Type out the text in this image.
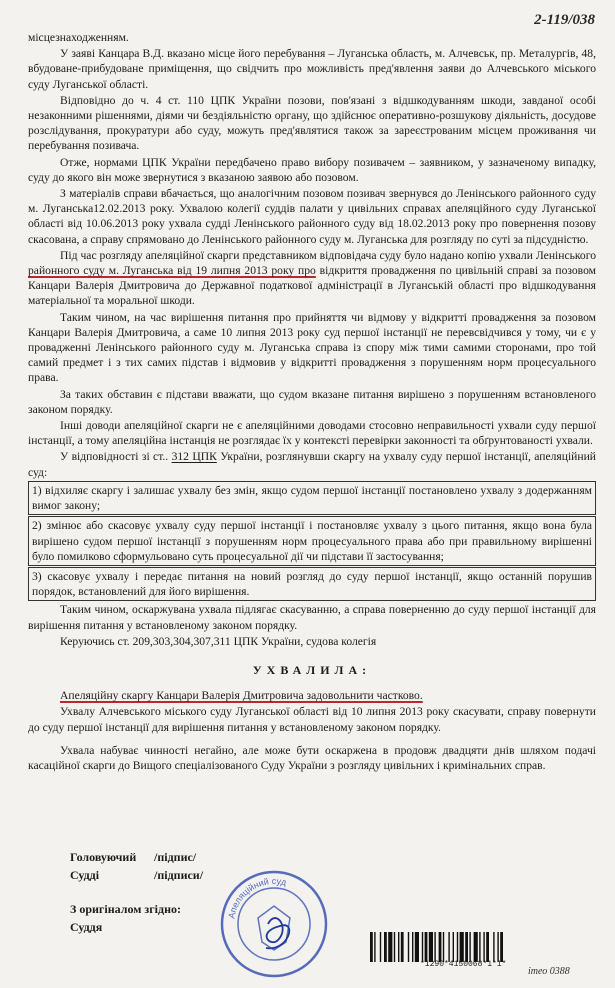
2-119/038

місцезнаходженням.

У заяві Канцара В.Д. вказано місце його перебування – Луганська область, м. Алчевськ, пр. Металургів, 48, вбудоване-прибудоване приміщення, що свідчить про можливість пред'явлення заяви до Алчевського міського суду Луганської області.

Відповідно до ч. 4 ст. 110 ЦПК України позови, пов'язані з відшкодуванням шкоди, завданої особі незаконними рішеннями, діями чи бездіяльністю органу, що здійснює оперативно-розшукову діяльність, досудове розслідування, прокуратури або суду, можуть пред'являтися також за зареєстрованим місцем проживання чи перебування позивача.

Отже, нормами ЦПК України передбачено право вибору позивачем – заявником, у зазначеному випадку, суду до якого він може звернутися з вказаною заявою або позовом.

З матеріалів справи вбачається, що аналогічним позовом позивач звернувся до Ленінського районного суду м. Луганська12.02.2013 року. Ухвалою колегії суддів палати у цивільних справах апеляційного суду Луганської області від 10.06.2013 року ухвала судді Ленінського районного суду від 18.02.2013 року про повернення позову скасована, а справу спрямовано до Ленінського районного суду м. Луганська для розгляду по суті за підсудністю.

Під час розгляду апеляційної скарги представником відповідача суду було надано копію ухвали Ленінського районного суду м. Луганська від 19 липня 2013 року про відкриття провадження по цивільній справі за позовом Канцари Валерія Дмитровича до Державної податкової адміністрації в Луганській області про відшкодування матеріальної та моральної шкоди.

Таким чином, на час вирішення питання про прийняття чи відмову у відкритті провадження за позовом Канцари Валерія Дмитровича, а саме 10 липня 2013 року суд першої інстанції не перевсвідчився у тому, чи є у провадженні Ленінського районного суду м. Луганська справа із спору між тими самими сторонами, про той самий предмет і з тих самих підстав і відмовив у відкритті провадження з порушенням норм процесуального права.

За таких обставин є підстави вважати, що судом вказане питання вирішено з порушенням встановленого законом порядку.

Інші доводи апеляційної скарги не є апеляційними доводами стосовно неправильності ухвали суду першої інстанції, а тому апеляційна інстанція не розглядає їх у контексті перевірки законності та обґрунтованості ухвали.

У відповідності зі ст.. 312 ЦПК України, розглянувши скаргу на ухвалу суду першої інстанції, апеляційний суд:

1) відхиляє скаргу і залишає ухвалу без змін, якщо судом першої інстанції постановлено ухвалу з додержанням вимог закону;

2) змінює або скасовує ухвалу суду першої інстанції і постановляє ухвалу з цього питання, якщо вона була вирішено судом першої інстанції з порушенням норм процесуального права або при правильному вирішенні було помилково сформульовано суть процесуальної дії чи підстави її застосування;

3) скасовує ухвалу і передає питання на новий розгляд до суду першої інстанції, якщо останній порушив порядок, встановлений для його вирішення.

Таким чином, оскаржувана ухвала підлягає скасуванню, а справа поверненню до суду першої інстанції для вирішення питання у встановленому законом порядку.

Керуючись ст. 209,303,304,307,311 ЦПК України, судова колегія

УХВАЛИЛА:

Апеляційну скаргу Канцари Валерія Дмитровича задовольнити частково.

Ухвалу Алчевського міського суду Луганської області від 10 липня 2013 року скасувати, справу повернути до суду першої інстанції для вирішення питання у встановленому законом порядку.

Ухвала набуває чинності негайно, але може бути оскаржена в продовж двадцяти днів шляхом подачі касаційної скарги до Вищого спеціалізованого Суду України з розгляду цивільних і кримінальних справ.

Головуючий	/підпис/
Судді	/підписи/
З оригіналом згідно:
Суддя
Апеляційний суд
*1290*4150068*1*1*
ітео 0388
